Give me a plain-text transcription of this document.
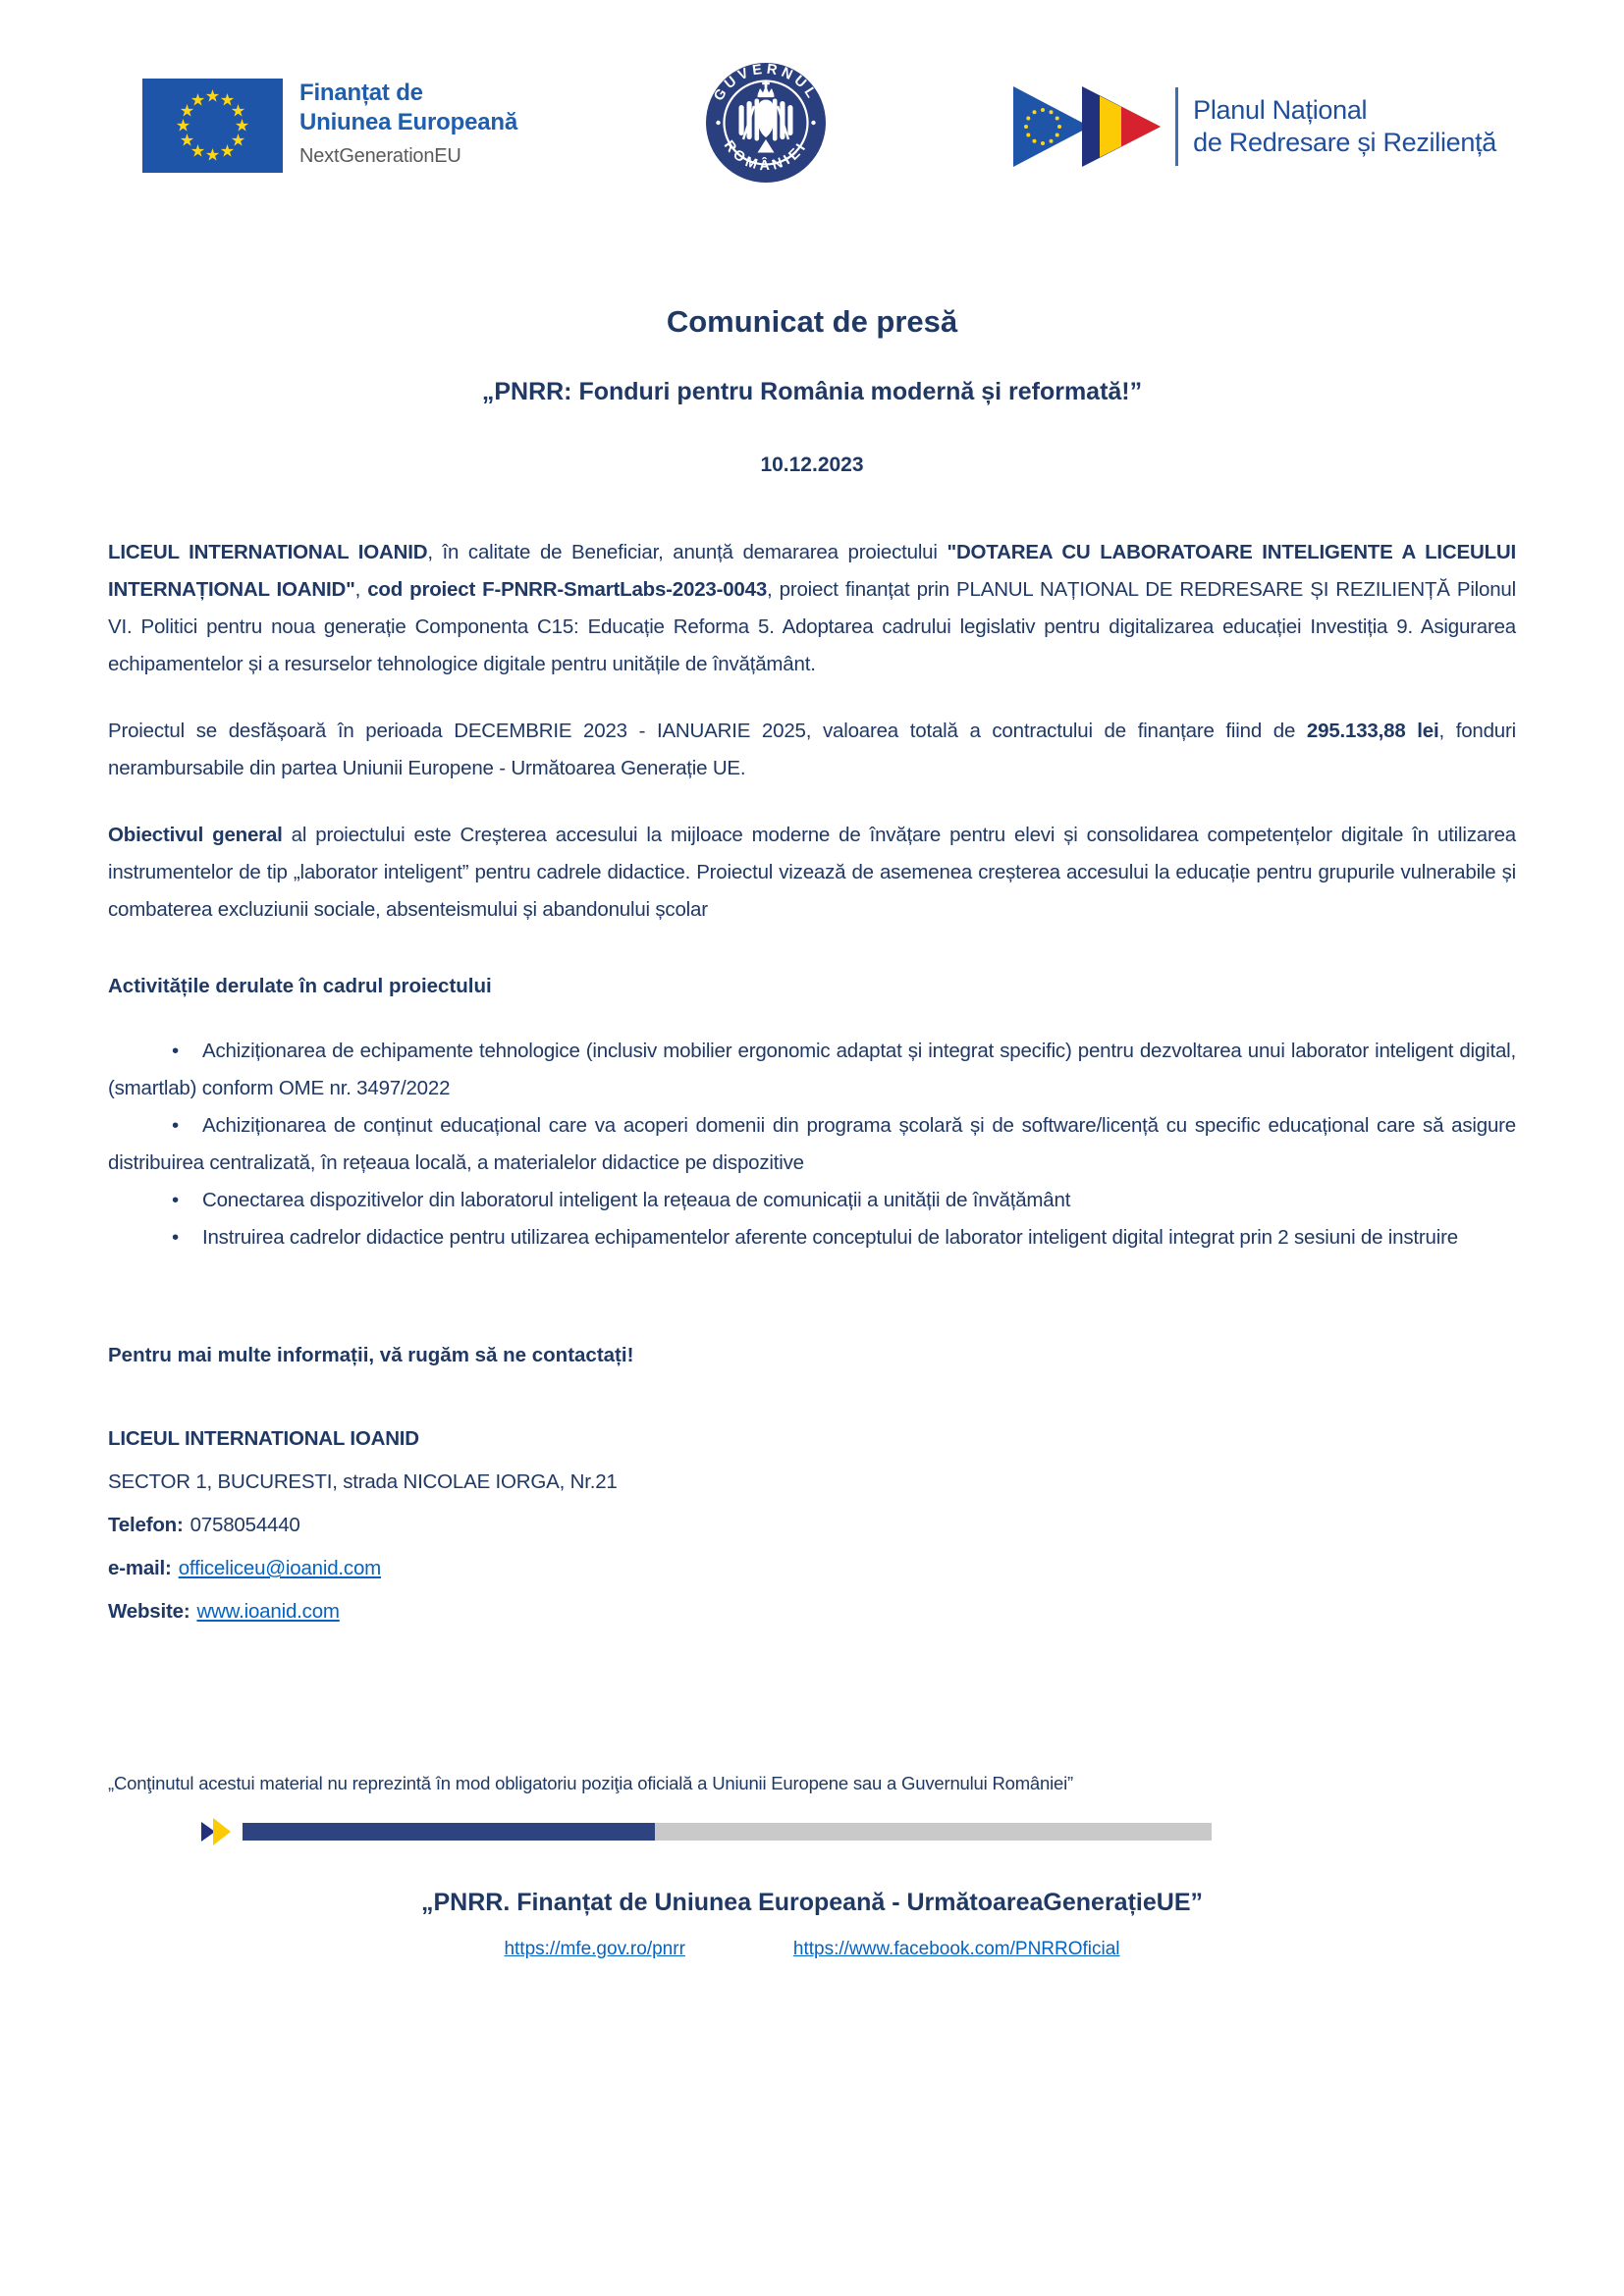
Finanțat de
Uniunea Europeană
NextGenerationEU
GUVERNUL
ROMÂNIEI
Planul Național
de Redresare și Reziliență
Comunicat de presă
„PNRR: Fonduri pentru România modernă și reformată!”
10.12.2023

LICEUL INTERNATIONAL IOANID, în calitate de Beneficiar, anunță demararea proiectului "DOTAREA CU LABORATOARE INTELIGENTE A LICEULUI INTERNAȚIONAL IOANID", cod proiect F-PNRR-SmartLabs-2023-0043, proiect finanțat prin PLANUL NAȚIONAL DE REDRESARE ȘI REZILIENȚĂ Pilonul VI. Politici pentru noua generație Componenta C15: Educație Reforma 5. Adoptarea cadrului legislativ pentru digitalizarea educației Investiția 9. Asigurarea echipamentelor și a resurselor tehnologice digitale pentru unitățile de învățământ.

Proiectul se desfășoară în perioada DECEMBRIE 2023 - IANUARIE 2025, valoarea totală a contractului de finanțare fiind de 295.133,88 lei, fonduri nerambursabile din partea Uniunii Europene - Următoarea Generație UE.

Obiectivul general al proiectului este Creșterea accesului la mijloace moderne de învățare pentru elevi și consolidarea competențelor digitale în utilizarea instrumentelor de tip „laborator inteligent” pentru cadrele didactice. Proiectul vizează de asemenea creșterea accesului la educație pentru grupurile vulnerabile și combaterea excluziunii sociale, absenteismului și abandonului școlar

Activitățile derulate în cadrul proiectului

• Achiziționarea de echipamente tehnologice (inclusiv mobilier ergonomic adaptat și integrat specific) pentru dezvoltarea unui laborator inteligent digital, (smartlab) conform OME nr. 3497/2022

• Achiziționarea de conținut educațional care va acoperi domenii din programa școlară și de software/licență cu specific educațional care să asigure distribuirea centralizată, în rețeaua locală, a materialelor didactice pe dispozitive

• Conectarea dispozitivelor din laboratorul inteligent la rețeaua de comunicații a unității de învățământ

• Instruirea cadrelor didactice pentru utilizarea echipamentelor aferente conceptului de laborator inteligent digital integrat prin 2 sesiuni de instruire

Pentru mai multe informații, vă rugăm să ne contactați!

LICEUL INTERNATIONAL IOANID
SECTOR 1, BUCURESTI, strada NICOLAE IORGA, Nr.21
Telefon: 0758054440
e-mail: officeliceu@ioanid.com
Website: www.ioanid.com
„Conţinutul acestui material nu reprezintă în mod obligatoriu poziţia oficială a Uniunii Europene sau a Guvernului României”
„PNRR. Finanțat de Uniunea Europeană - UrmătoareaGenerațieUE”
https://mfe.gov.ro/pnrr	https://www.facebook.com/PNRROficial
